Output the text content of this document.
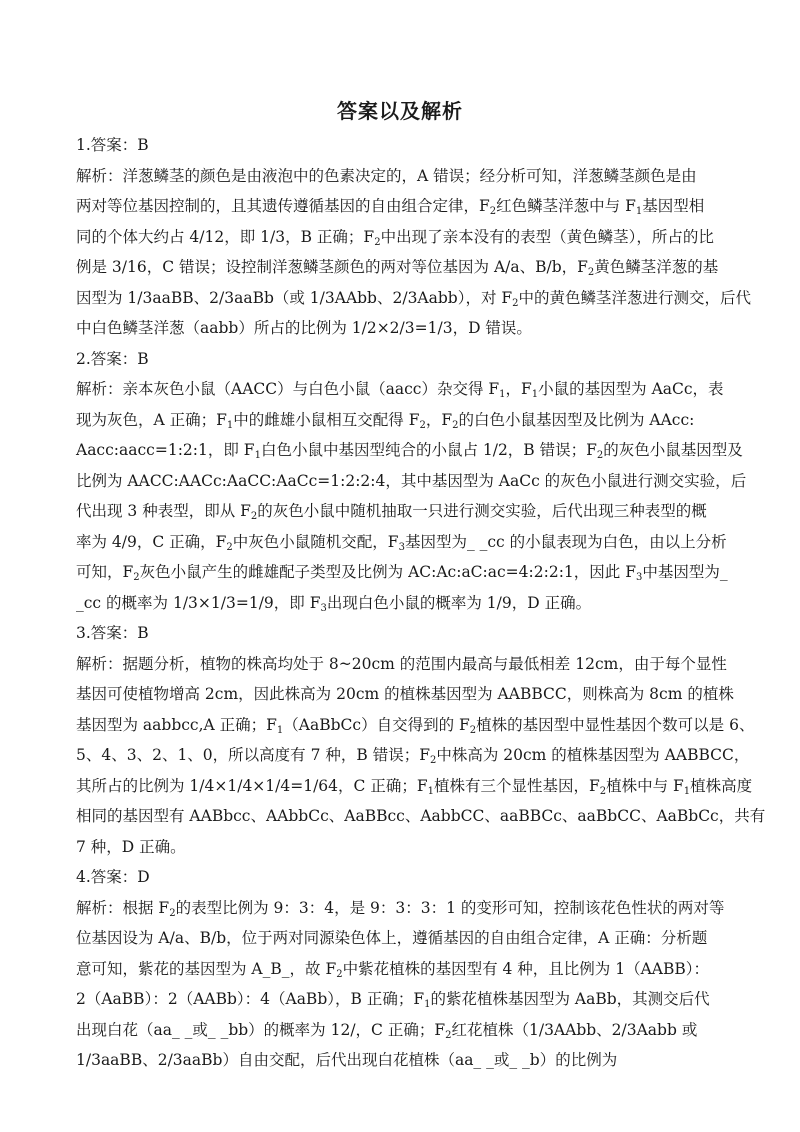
答案以及解析
1.答案：B
解析：洋葱鳞茎的颜色是由液泡中的色素决定的，A 错误；经分析可知，洋葱鳞茎颜色是由
两对等位基因控制的，且其遗传遵循基因的自由组合定律，$F_2$红色鳞茎洋葱中与 $F_1$基因型相
同的个体大约占 4/12，即 1/3，B 正确；$F_2$中出现了亲本没有的表型（黄色鳞茎），所占的比
例是 3/16，C 错误；设控制洋葱鳞茎颜色的两对等位基因为 A/a、B/b，$F_2$黄色鳞茎洋葱的基
因型为 1/3aaBB、2/3aaBb（或 1/3AAbb、2/3Aabb），对 $F_2$中的黄色鳞茎洋葱进行测交，后代
中白色鳞茎洋葱（aabb）所占的比例为 1/2×2/3=1/3，D 错误。
2.答案：B
解析：亲本灰色小鼠（AACC）与白色小鼠（aacc）杂交得 $F_1$，$F_1$小鼠的基因型为 AaCc，表
现为灰色，A 正确；$F_1$中的雌雄小鼠相互交配得 $F_2$，$F_2$的白色小鼠基因型及比例为 AAcc:
Aacc:aacc=1:2:1，即 $F_1$白色小鼠中基因型纯合的小鼠占 1/2，B 错误；$F_2$的灰色小鼠基因型及
比例为 AACC:AACc:AaCC:AaCc=1:2:2:4，其中基因型为 AaCc 的灰色小鼠进行测交实验，后
代出现 3 种表型，即从 $F_2$的灰色小鼠中随机抽取一只进行测交实验，后代出现三种表型的概
率为 4/9，C 正确，$F_2$中灰色小鼠随机交配，$F_3$基因型为_ _cc 的小鼠表现为白色，由以上分析
可知，$F_2$灰色小鼠产生的雌雄配子类型及比例为 AC:Ac:aC:ac=4:2:2:1，因此 $F_3$中基因型为_
_cc 的概率为 1/3×1/3=1/9，即 $F_3$出现白色小鼠的概率为 1/9，D 正确。
3.答案：B
解析：据题分析，植物的株高均处于 8~20cm 的范围内最高与最低相差 12cm，由于每个显性
基因可使植物增高 2cm，因此株高为 20cm 的植株基因型为 AABBCC，则株高为 8cm 的植株
基因型为 aabbcc,A 正确；$F_1(AaBbCc)$自交得到的 $F_2$植株的基因型中显性基因个数可以是 6、
5、4、3、2、1、0，所以高度有 7 种，B 错误；$F_2$中株高为 20cm 的植株基因型为 AABBCC，
其所占的比例为 1/4×1/4×1/4=1/64，C 正确；$F_1$植株有三个显性基因，$F_2$植株中与 $F_1$植株高度
相同的基因型有 AABbcc、AAbbCc、AaBBcc、AabbCC、aaBBCc、aaBbCC、AaBbCc，共有
7 种，D 正确。
4.答案：D
解析：根据 $F_2$的表型比例为 9：3：4，是 9：3：3：1 的变形可知，控制该花色性状的两对等
位基因设为 A/a、B/b，位于两对同源染色体上，遵循基因的自由组合定律，A 正确：分析题
意可知，紫花的基因型为 A_B_，故 $F_2$中紫花植株的基因型有 4 种，且比例为 1（AABB）：
2（AaBB）：2（AABb）：4（AaBb），B 正确；$F_1$的紫花植株基因型为 AaBb，其测交后代
出现白花（aa_ _或_ _bb）的概率为 12/，C 正确；$F_2$红花植株（1/3AAbb、2/3Aabb 或
1/3aaBB、2/3aaBb）自由交配，后代出现白花植株（aa_ _或_ _b）的比例为
